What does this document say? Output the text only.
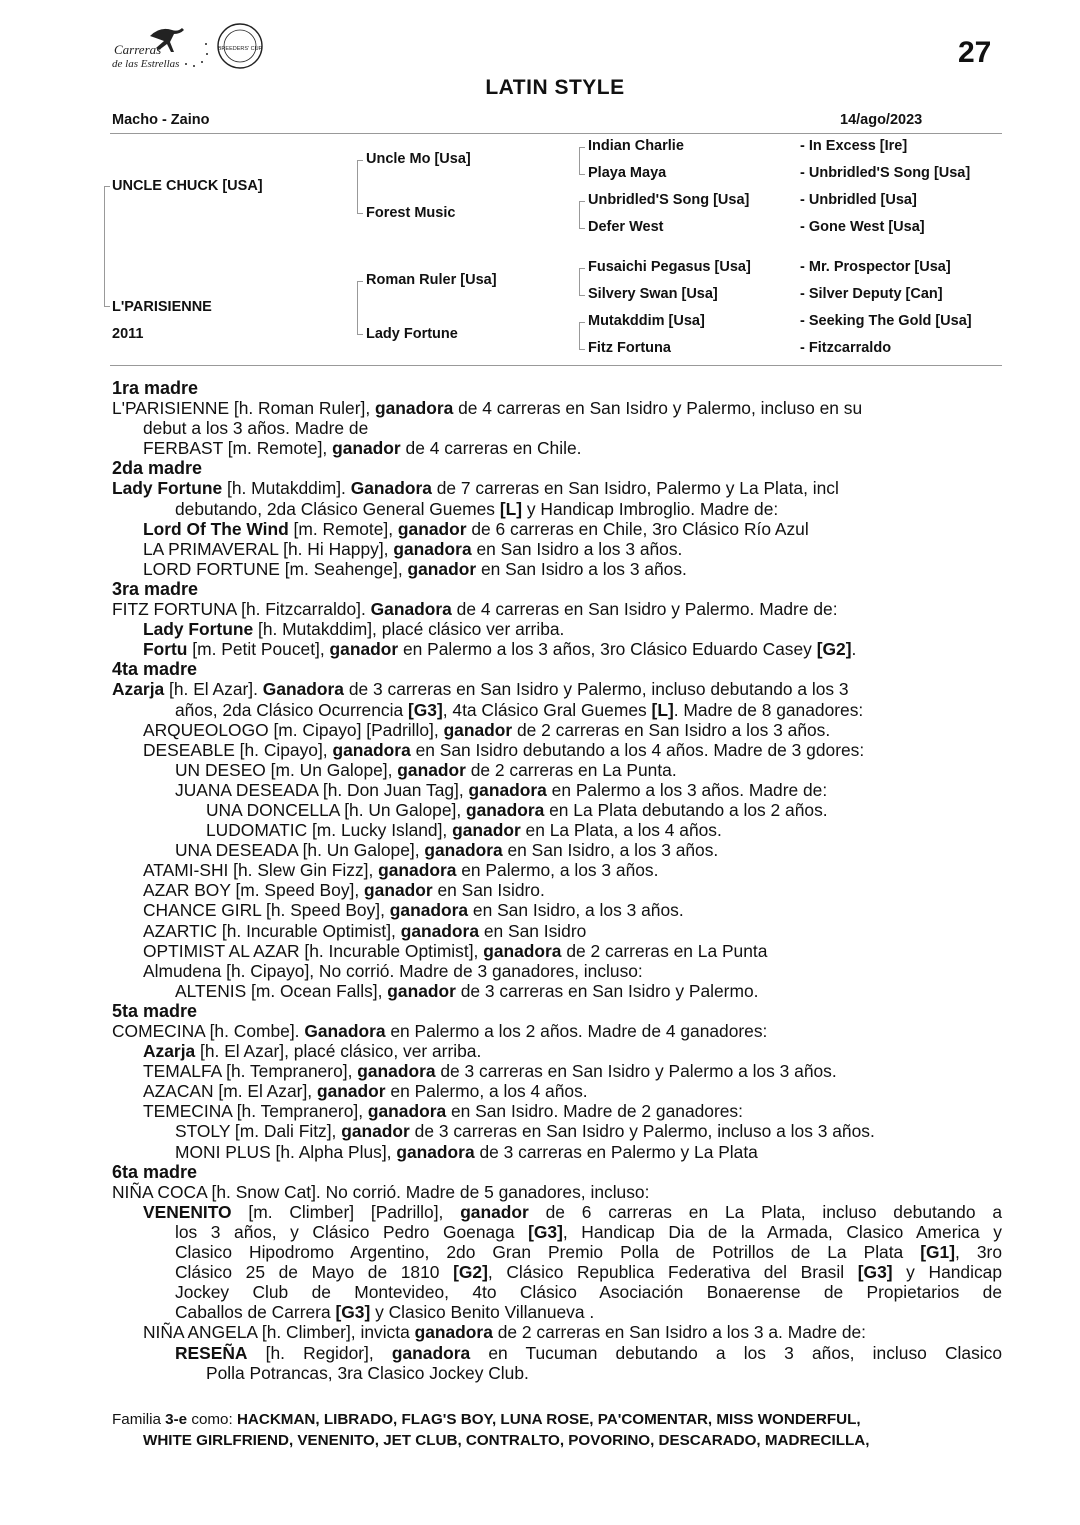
Carreras
de las Estrellas
BREEDERS' CUP	27
LATIN STYLE
Macho - Zaino	14/ago/2023
UNCLE CHUCK [USA]
L'PARISIENNE
2011
Uncle Mo [Usa]
Forest Music
Roman Ruler [Usa]
Lady Fortune
Indian Charlie
Playa Maya
Unbridled'S Song [Usa]
Defer West
Fusaichi Pegasus [Usa]
Silvery Swan [Usa]
Mutakddim [Usa]
Fitz Fortuna
- In Excess [Ire]
- Unbridled'S Song [Usa]
- Unbridled [Usa]
- Gone West [Usa]
- Mr. Prospector [Usa]
- Silver Deputy [Can]
- Seeking The Gold [Usa]
- Fitzcarraldo
1ra madre
L'PARISIENNE [h. Roman Ruler], ganadora de 4 carreras en San Isidro y Palermo, incluso en su
debut a los 3 años. Madre de
FERBAST [m. Remote], ganador de 4 carreras en Chile.
2da madre
Lady Fortune [h. Mutakddim]. Ganadora de 7 carreras en San Isidro, Palermo y La Plata, incl
debutando, 2da Clásico General Guemes [L] y Handicap Imbroglio. Madre de:
Lord Of The Wind [m. Remote], ganador de 6 carreras en Chile, 3ro Clásico Río Azul
LA PRIMAVERAL [h. Hi Happy], ganadora en San Isidro a los 3 años.
LORD FORTUNE [m. Seahenge], ganador en San Isidro a los 3 años.
3ra madre
FITZ FORTUNA [h. Fitzcarraldo]. Ganadora de 4 carreras en San Isidro y Palermo. Madre de:
Lady Fortune [h. Mutakddim], placé clásico ver arriba.
Fortu [m. Petit Poucet], ganador en Palermo a los 3 años, 3ro Clásico Eduardo Casey [G2].
4ta madre
Azarja [h. El Azar]. Ganadora de 3 carreras en San Isidro y Palermo, incluso debutando a los 3
años, 2da Clásico Ocurrencia [G3], 4ta Clásico Gral Guemes [L]. Madre de 8 ganadores:
ARQUEOLOGO [m. Cipayo] [Padrillo], ganador de 2 carreras en San Isidro a los 3 años.
DESEABLE [h. Cipayo], ganadora en San Isidro debutando a los 4 años. Madre de 3 gdores:
UN DESEO [m. Un Galope], ganador de 2 carreras en La Punta.
JUANA DESEADA [h. Don Juan Tag], ganadora en Palermo a los 3 años. Madre de:
UNA DONCELLA [h. Un Galope], ganadora en La Plata debutando a los 2 años.
LUDOMATIC [m. Lucky Island], ganador en La Plata, a los 4 años.
UNA DESEADA [h. Un Galope], ganadora en San Isidro, a los 3 años.
ATAMI-SHI [h. Slew Gin Fizz], ganadora en Palermo, a los 3 años.
AZAR BOY [m. Speed Boy], ganador en San Isidro.
CHANCE GIRL [h. Speed Boy], ganadora en San Isidro, a los 3 años.
AZARTIC [h. Incurable Optimist], ganadora en San Isidro
OPTIMIST AL AZAR [h. Incurable Optimist], ganadora de 2 carreras en La Punta
Almudena [h. Cipayo], No corrió. Madre de 3 ganadores, incluso:
ALTENIS [m. Ocean Falls], ganador de 3 carreras en San Isidro y Palermo.
5ta madre
COMECINA [h. Combe]. Ganadora en Palermo a los 2 años. Madre de 4 ganadores:
Azarja [h. El Azar], placé clásico, ver arriba.
TEMALFA [h. Tempranero], ganadora de 3 carreras en San Isidro y Palermo a los 3 años.
AZACAN [m. El Azar], ganador en Palermo, a los 4 años.
TEMECINA [h. Tempranero], ganadora en San Isidro. Madre de 2 ganadores:
STOLY [m. Dali Fitz], ganador de 3 carreras en San Isidro y Palermo, incluso a los 3 años.
MONI PLUS [h. Alpha Plus], ganadora de 3 carreras en Palermo y La Plata
6ta madre
NIÑA COCA [h. Snow Cat]. No corrió. Madre de 5 ganadores, incluso:
VENENITO [m. Climber] [Padrillo], ganador de 6 carreras en La Plata, incluso debutando a
los 3 años, y Clásico Pedro Goenaga [G3], Handicap Dia de la Armada, Clasico America y
Clasico Hipodromo Argentino, 2do Gran Premio Polla de Potrillos de La Plata [G1], 3ro
Clásico 25 de Mayo de 1810 [G2], Clásico Republica Federativa del Brasil [G3] y Handicap
Jockey Club de Montevideo, 4to Clásico Asociación Bonaerense de Propietarios de
Caballos de Carrera [G3] y Clasico Benito Villanueva .
NIÑA ANGELA [h. Climber], invicta ganadora de 2 carreras en San Isidro a los 3 a. Madre de:
RESEÑA [h. Regidor], ganadora en Tucuman debutando a los 3 años, incluso Clasico
Polla Potrancas, 3ra Clasico Jockey Club.
Familia 3-e como: HACKMAN, LIBRADO, FLAG'S BOY, LUNA ROSE, PA'COMENTAR, MISS WONDERFUL,
WHITE GIRLFRIEND, VENENITO, JET CLUB, CONTRALTO, POVORINO, DESCARADO, MADRECILLA,
